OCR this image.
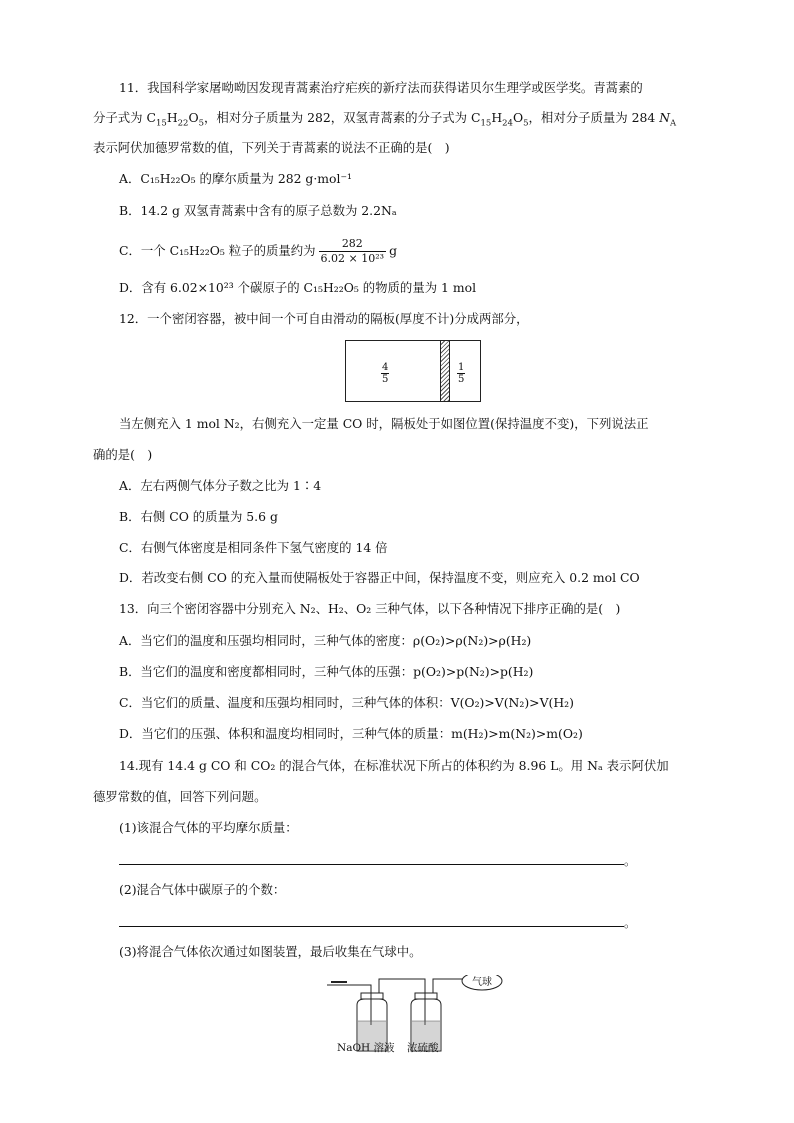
11．我国科学家屠呦呦因发现青蒿素治疗疟疾的新疗法而获得诺贝尔生理学或医学奖。青蒿素的
分子式为 $C_{15}H_{22}O_5$，相对分子质量为 282，双氢青蒿素的分子式为 $C_{15}H_{24}O_5$，相对分子质量为 284 $N_A$
表示阿伏加德罗常数的值，下列关于青蒿素的说法不正确的是(　)
A．C₁₅H₂₂O₅ 的摩尔质量为 282 g·mol⁻¹
B．14.2 g 双氢青蒿素中含有的原子总数为 2.2Nₐ
C．一个 C₁₅H₂₂O₅ 粒子的质量约为 $\frac{282}{\text{6.02 × 10²³}}$ g
D．含有 6.02×10²³ 个碳原子的 C₁₅H₂₂O₅ 的物质的量为 1 mol
12．一个密闭容器，被中间一个可自由滑动的隔板(厚度不计)分成两部分，
$\frac{4}{5}$	$\frac{1}{5}$
当左侧充入 1 mol N₂，右侧充入一定量 CO 时，隔板处于如图位置(保持温度不变)，下列说法正
确的是(　)
A．左右两侧气体分子数之比为 1∶4
B．右侧 CO 的质量为 5.6 g
C．右侧气体密度是相同条件下氢气密度的 14 倍
D．若改变右侧 CO 的充入量而使隔板处于容器正中间，保持温度不变，则应充入 0.2 mol CO
13．向三个密闭容器中分别充入 N₂、H₂、O₂ 三种气体，以下各种情况下排序正确的是(　)
A．当它们的温度和压强均相同时，三种气体的密度：ρ(O₂)>ρ(N₂)>ρ(H₂)
B．当它们的温度和密度都相同时，三种气体的压强：p(O₂)>p(N₂)>p(H₂)
C．当它们的质量、温度和压强均相同时，三种气体的体积：V(O₂)>V(N₂)>V(H₂)
D．当它们的压强、体积和温度均相同时，三种气体的质量：m(H₂)>m(N₂)>m(O₂)
14.现有 14.4 g CO 和 CO₂ 的混合气体，在标准状况下所占的体积约为 8.96 L。用 Nₐ 表示阿伏加
德罗常数的值，回答下列问题。
(1)该混合气体的平均摩尔质量：
。
(2)混合气体中碳原子的个数：
。
(3)将混合气体依次通过如图装置，最后收集在气球中。
气球
NaOH 溶液 浓硫酸
